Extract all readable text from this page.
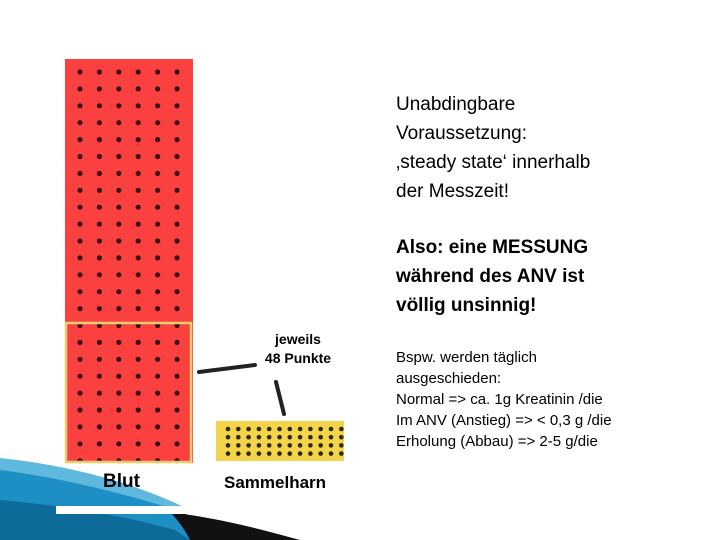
jeweils
48 Punkte
Blut	Sammelharn
Unabdingbare
Voraussetzung:
‚steady state‘ innerhalb
der Messzeit!
Also: eine MESSUNG
während des ANV ist
völlig unsinnig!
Bspw. werden täglich
ausgeschieden:
Normal => ca. 1g Kreatinin /die
Im ANV (Anstieg) => < 0,3 g /die
Erholung (Abbau) => 2-5 g/die
